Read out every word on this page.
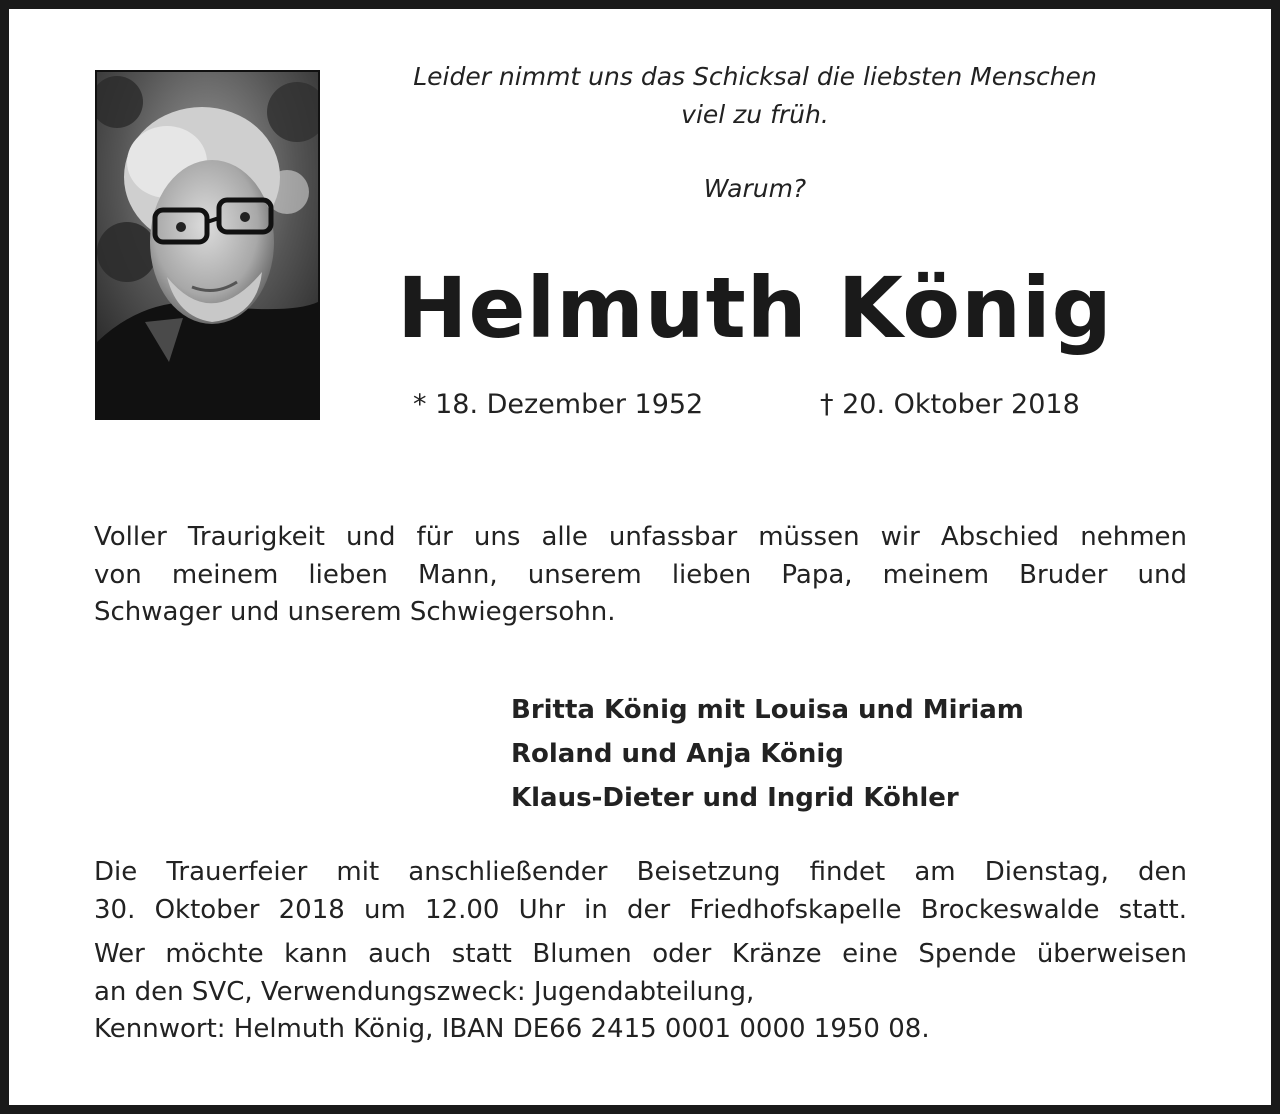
Leider nimmt uns das Schicksal die liebsten Menschen
viel zu früh.
Warum?
Helmuth König
* 18. Dezember 1952	† 20. Oktober 2018
Voller Traurigkeit und für uns alle unfassbar müssen wir Abschied nehmen
von meinem lieben Mann, unserem lieben Papa, meinem Bruder und
Schwager und unserem Schwiegersohn.
Britta König mit Louisa und Miriam
Roland und Anja König
Klaus-Dieter und Ingrid Köhler
Die Trauerfeier mit anschließender Beisetzung findet am Dienstag, den
30. Oktober 2018 um 12.00 Uhr in der Friedhofskapelle Brockeswalde statt.
Wer möchte kann auch statt Blumen oder Kränze eine Spende überweisen
an den SVC, Verwendungszweck: Jugendabteilung,
Kennwort: Helmuth König, IBAN DE66 2415 0001 0000 1950 08.
